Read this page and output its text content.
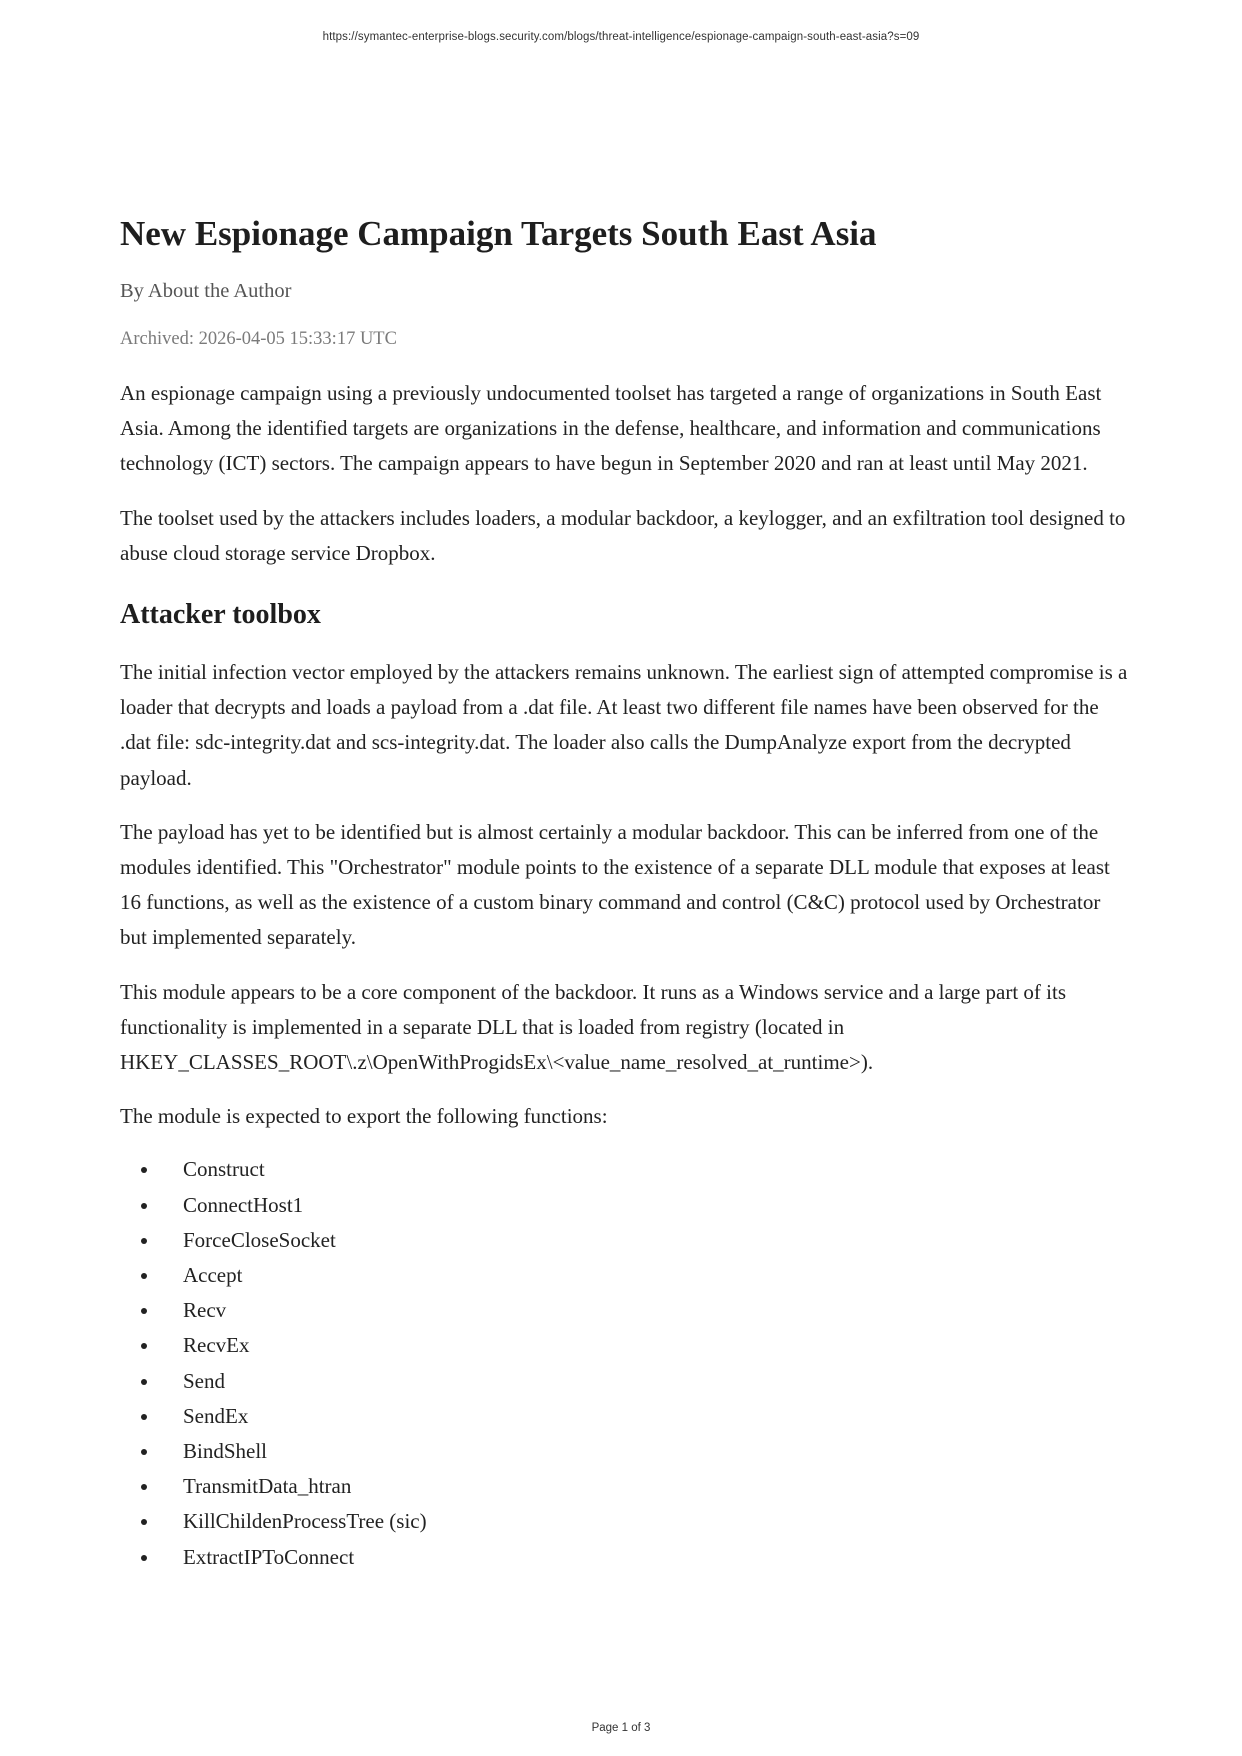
https://symantec-enterprise-blogs.security.com/blogs/threat-intelligence/espionage-campaign-south-east-asia?s=09
New Espionage Campaign Targets South East Asia
By About the Author
Archived: 2026-04-05 15:33:17 UTC

An espionage campaign using a previously undocumented toolset has targeted a range of organizations in South East Asia. Among the identified targets are organizations in the defense, healthcare, and information and communications technology (ICT) sectors. The campaign appears to have begun in September 2020 and ran at least until May 2021.

The toolset used by the attackers includes loaders, a modular backdoor, a keylogger, and an exfiltration tool designed to abuse cloud storage service Dropbox.

Attacker toolbox

The initial infection vector employed by the attackers remains unknown. The earliest sign of attempted compromise is a loader that decrypts and loads a payload from a .dat file. At least two different file names have been observed for the .dat file: sdc-integrity.dat and scs-integrity.dat. The loader also calls the DumpAnalyze export from the decrypted payload.

The payload has yet to be identified but is almost certainly a modular backdoor. This can be inferred from one of the modules identified. This "Orchestrator" module points to the existence of a separate DLL module that exposes at least 16 functions, as well as the existence of a custom binary command and control (C&C) protocol used by Orchestrator but implemented separately.

This module appears to be a core component of the backdoor. It runs as a Windows service and a large part of its functionality is implemented in a separate DLL that is loaded from registry (located in HKEY_CLASSES_ROOT\.z\OpenWithProgidsEx\<value_name_resolved_at_runtime>).

The module is expected to export the following functions:

Construct
ConnectHost1
ForceCloseSocket
Accept
Recv
RecvEx
Send
SendEx
BindShell
TransmitData_htran
KillChildenProcessTree (sic)
ExtractIPToConnect
Page 1 of 3
